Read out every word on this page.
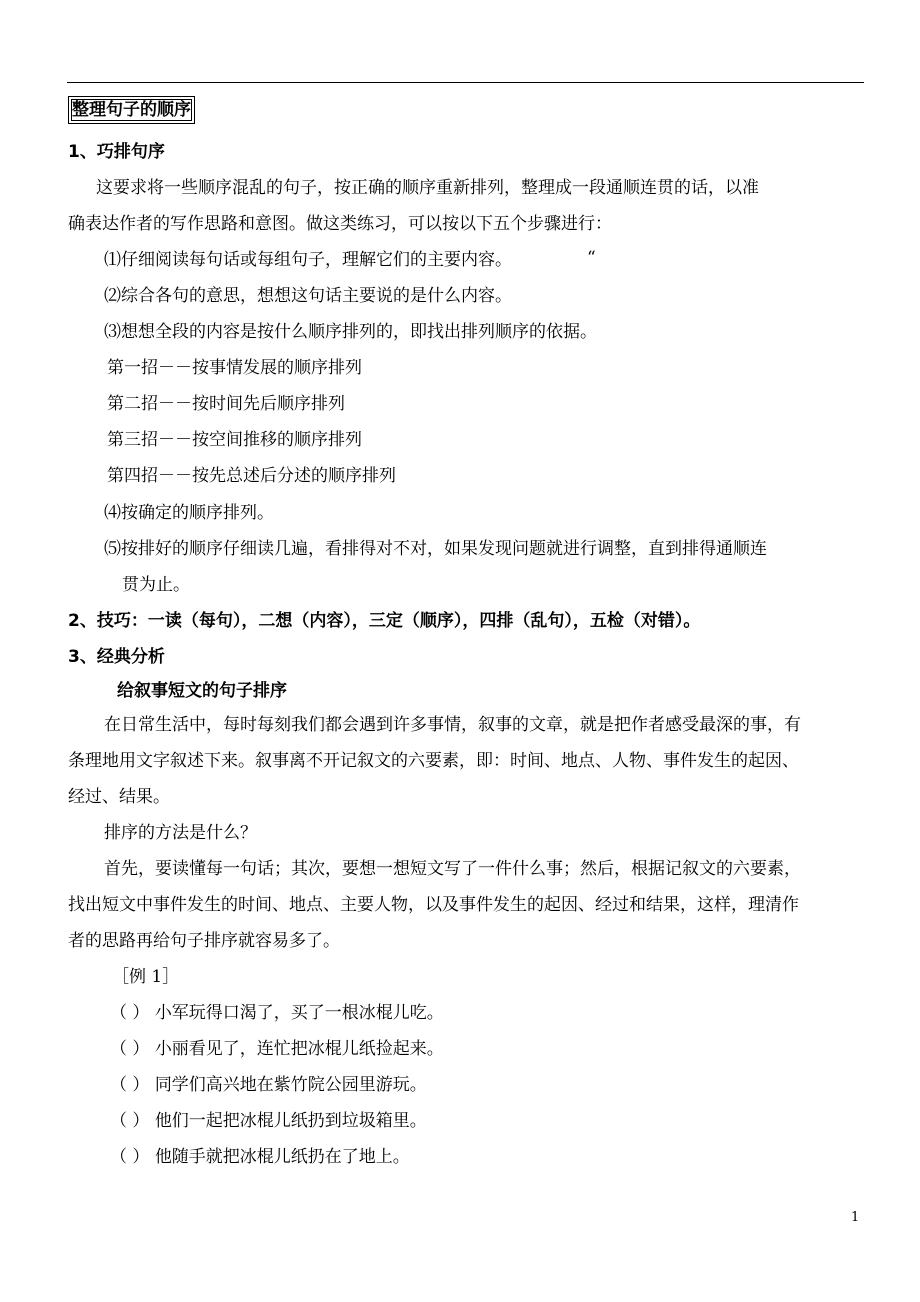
整理句子的顺序
1、巧排句序
这要求将一些顺序混乱的句子，按正确的顺序重新排列，整理成一段通顺连贯的话，以准
确表达作者的写作思路和意图。做这类练习，可以按以下五个步骤进行：
⑴仔细阅读每句话或每组句子，理解它们的主要内容。	“
⑵综合各句的意思，想想这句话主要说的是什么内容。
⑶想想全段的内容是按什么顺序排列的，即找出排列顺序的依据。
第一招－－按事情发展的顺序排列
第二招－－按时间先后顺序排列
第三招－－按空间推移的顺序排列
第四招－－按先总述后分述的顺序排列
⑷按确定的顺序排列。
⑸按排好的顺序仔细读几遍，看排得对不对，如果发现问题就进行调整，直到排得通顺连
贯为止。
2、技巧：一读（每句），二想（内容），三定（顺序），四排（乱句），五检（对错）。
3、经典分析
给叙事短文的句子排序
在日常生活中，每时每刻我们都会遇到许多事情，叙事的文章，就是把作者感受最深的事，有
条理地用文字叙述下来。叙事离不开记叙文的六要素，即：时间、地点、人物、事件发生的起因、
经过、结果。
排序的方法是什么？
首先，要读懂每一句话；其次，要想一想短文写了一件什么事；然后，根据记叙文的六要素，
找出短文中事件发生的时间、地点、主要人物，以及事件发生的起因、经过和结果，这样，理清作
者的思路再给句子排序就容易多了。
［例 1］
（ ） 小军玩得口渴了，买了一根冰棍儿吃。
（ ） 小丽看见了，连忙把冰棍儿纸捡起来。
（ ） 同学们高兴地在紫竹院公园里游玩。
（ ） 他们一起把冰棍儿纸扔到垃圾箱里。
（ ） 他随手就把冰棍儿纸扔在了地上。
1
